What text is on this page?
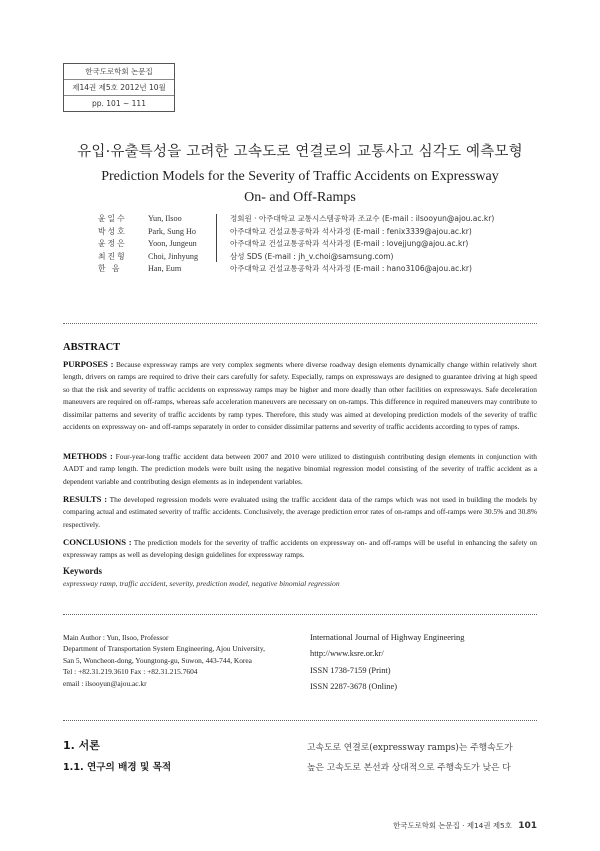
한국도로학회 논문집
제14권 제5호 2012년 10월
pp. 101 ~ 111
유입·유출특성을 고려한 고속도로 연결로의 교통사고 심각도 예측모형
Prediction Models for the Severity of Traffic Accidents on Expressway
On- and Off-Ramps
윤일수
박성호
윤정은
최진형
한 음
Yun, Ilsoo
Park, Sung Ho
Yoon, Jungeun
Choi, Jinhyung
Han, Eum
정회원 · 아주대학교 교통시스템공학과 조교수 (E-mail : ilsooyun@ajou.ac.kr)
아주대학교 건설교통공학과 석사과정 (E-mail : fenix3339@ajou.ac.kr)
아주대학교 건설교통공학과 석사과정 (E-mail : lovejjung@ajou.ac.kr)
삼성 SDS (E-mail : jh_v.choi@samsung.com)
아주대학교 건설교통공학과 석사과정 (E-mail : hano3106@ajou.ac.kr)
ABSTRACT
PURPOSES : Because expressway ramps are very complex segments where diverse roadway design elements dynamically change within relatively short length, drivers on ramps are required to drive their cars carefully for safety. Especially, ramps on expressways are designed to guarantee driving at high speed so that the risk and severity of traffic accidents on expressway ramps may be higher and more deadly than other facilities on expressways. Safe deceleration maneuvers are required on off-ramps, whereas safe acceleration maneuvers are necessary on on-ramps. This difference in required maneuvers may contribute to dissimilar patterns and severity of traffic accidents by ramp types. Therefore, this study was aimed at developing prediction models of the severity of traffic accidents on expressway on- and off-ramps separately in order to consider dissimilar patterns and severity of traffic accidents according to types of ramps.
METHODS : Four-year-long traffic accident data between 2007 and 2010 were utilized to distinguish contributing design elements in conjunction with AADT and ramp length. The prediction models were built using the negative binomial regression model consisting of the severity of traffic accident as a dependent variable and contributing design elements as in independent variables.
RESULTS : The developed regression models were evaluated using the traffic accident data of the ramps which was not used in building the models by comparing actual and estimated severity of traffic accidents. Conclusively, the average prediction error rates of on-ramps and off-ramps were 30.5% and 30.8% respectively.
CONCLUSIONS : The prediction models for the severity of traffic accidents on expressway on- and off-ramps will be useful in enhancing the safety on expressway ramps as well as developing design guidelines for expressway ramps.
Keywords
expressway ramp, traffic accident, severity, prediction model, negative binomial regression
Main Author : Yun, Ilsoo, Professor
Department of Transportation System Engineering, Ajou University,
San 5, Woncheon-dong, Youngtong-gu, Suwon, 443-744, Korea
Tel : +82.31.219.3610 Fax : +82.31.215.7604
email : ilsooyun@ajou.ac.kr
International Journal of Highway Engineering
http://www.ksre.or.kr/
ISSN 1738-7159 (Print)
ISSN 2287-3678 (Online)
1. 서론
1.1. 연구의 배경 및 목적
고속도로 연결로(expressway ramps)는 주행속도가
높은 고속도로 본선과 상대적으로 주행속도가 낮은 다
한국도로학회 논문집 · 제14권 제5호 101
